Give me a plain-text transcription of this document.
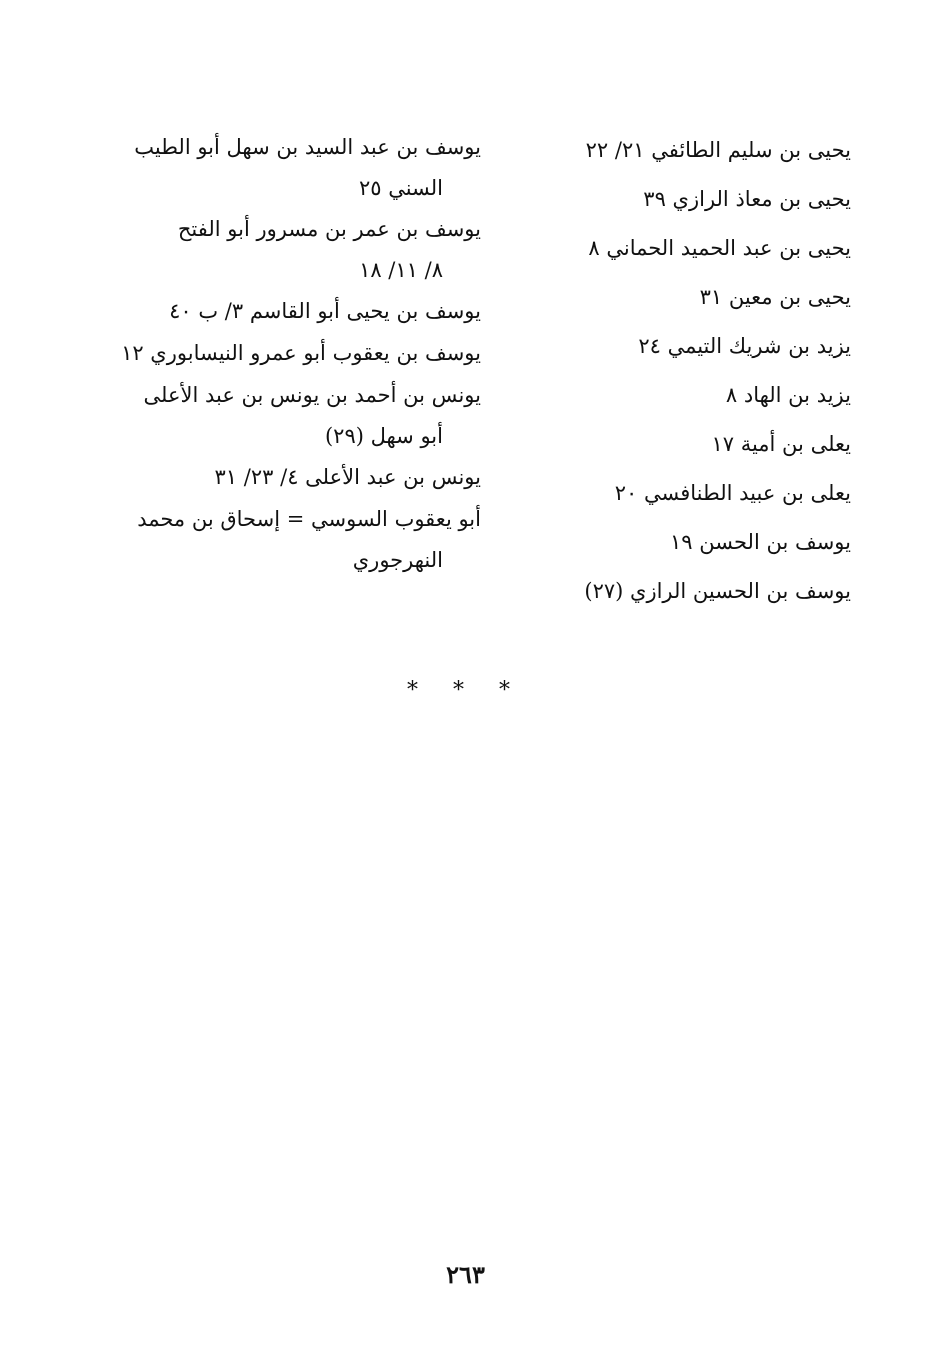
يحيى بن سليم الطائفي ٢١/ ٢٢

يحيى بن معاذ الرازي ٣٩

يحيى بن عبد الحميد الحماني ٨

يحيى بن معين ٣١

يزيد بن شريك التيمي ٢٤

يزيد بن الهاد ٨

يعلى بن أمية ١٧

يعلى بن عبيد الطنافسي ٢٠

يوسف بن الحسن ١٩

يوسف بن الحسين الرازي (٢٧)

يوسف بن عبد السيد بن سهل أبو الطيب
السني ٢٥
يوسف بن عمر بن مسرور أبو الفتح
٨/ ١١/ ١٨
يوسف بن يحيى أبو القاسم ٣/ ب ٤٠
يوسف بن يعقوب أبو عمرو النيسابوري ١٢
يونس بن أحمد بن يونس بن عبد الأعلى
أبو سهل (٢٩)
يونس بن عبد الأعلى ٤/ ٢٣/ ٣١
أبو يعقوب السوسي = إسحاق بن محمد
النهرجوري
* * *
٢٦٣
